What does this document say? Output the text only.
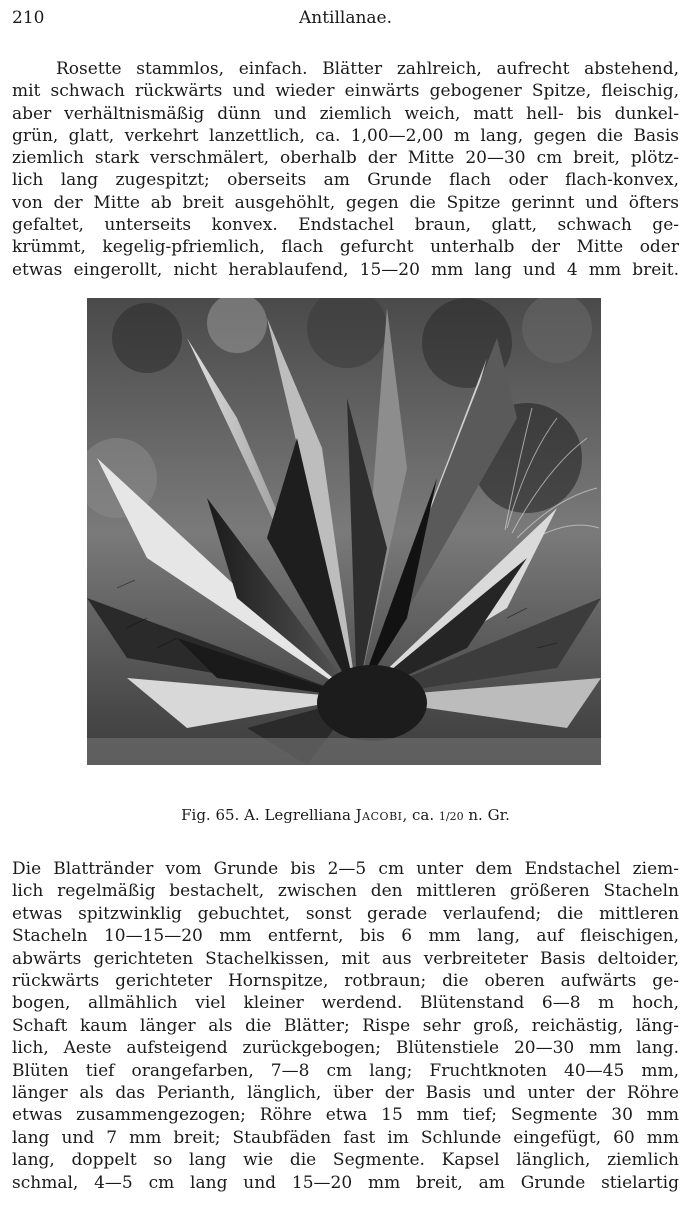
210	Antillanae.
Rosette stammlos, einfach. Blätter zahlreich, aufrecht abstehend,
mit schwach rückwärts und wieder einwärts gebogener Spitze, fleischig,
aber verhältnismäßig dünn und ziemlich weich, matt hell- bis dunkel-
grün, glatt, verkehrt lanzettlich, ca. 1,00—2,00 m lang, gegen die Basis
ziemlich stark verschmälert, oberhalb der Mitte 20—30 cm breit, plötz-
lich lang zugespitzt; oberseits am Grunde flach oder flach-konvex,
von der Mitte ab breit ausgehöhlt, gegen die Spitze gerinnt und öfters
gefaltet, unterseits konvex. Endstachel braun, glatt, schwach ge-
krümmt, kegelig-pfriemlich, flach gefurcht unterhalb der Mitte oder
etwas eingerollt, nicht herablaufend, 15—20 mm lang und 4 mm breit.
Fig. 65. A. Legrelliana Jacobi, ca. 1/20 n. Gr.
Die Blattränder vom Grunde bis 2—5 cm unter dem Endstachel ziem-
lich regelmäßig bestachelt, zwischen den mittleren größeren Stacheln
etwas spitzwinklig gebuchtet, sonst gerade verlaufend; die mittleren
Stacheln 10—15—20 mm entfernt, bis 6 mm lang, auf fleischigen,
abwärts gerichteten Stachelkissen, mit aus verbreiteter Basis deltoider,
rückwärts gerichteter Hornspitze, rotbraun; die oberen aufwärts ge-
bogen, allmählich viel kleiner werdend. Blütenstand 6—8 m hoch,
Schaft kaum länger als die Blätter; Rispe sehr groß, reichästig, läng-
lich, Aeste aufsteigend zurückgebogen; Blütenstiele 20—30 mm lang.
Blüten tief orangefarben, 7—8 cm lang; Fruchtknoten 40—45 mm,
länger als das Perianth, länglich, über der Basis und unter der Röhre
etwas zusammengezogen; Röhre etwa 15 mm tief; Segmente 30 mm
lang und 7 mm breit; Staubfäden fast im Schlunde eingefügt, 60 mm
lang, doppelt so lang wie die Segmente. Kapsel länglich, ziemlich
schmal, 4—5 cm lang und 15—20 mm breit, am Grunde stielartig
